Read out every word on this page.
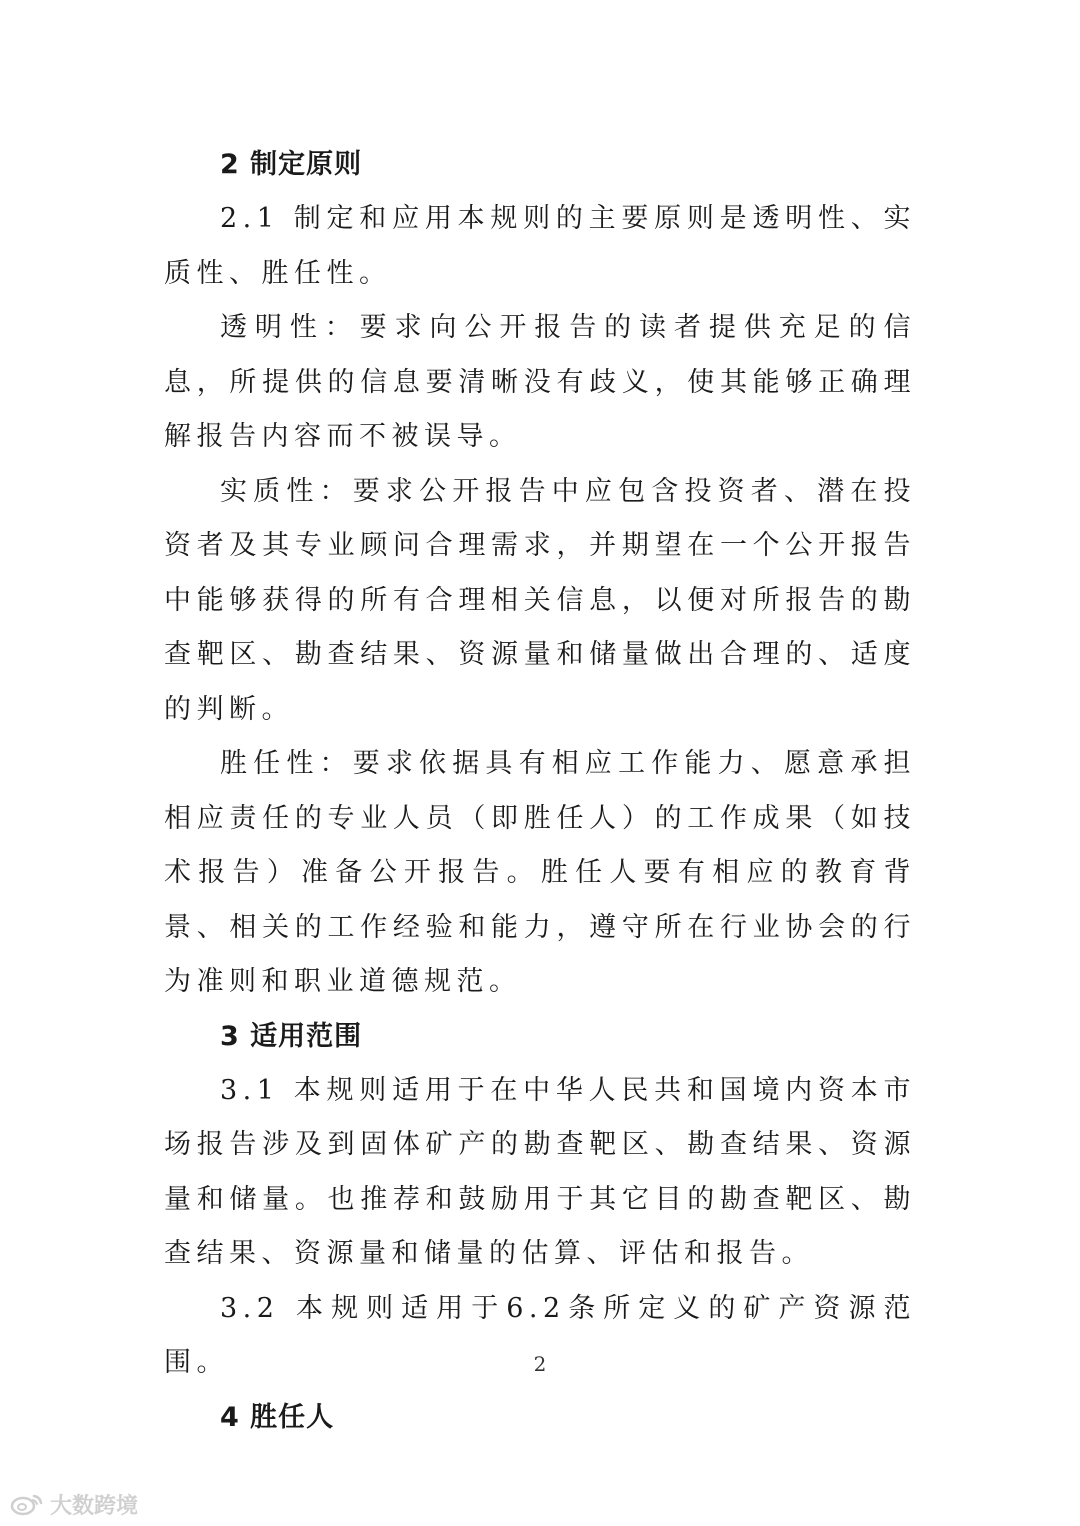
2 制定原则

2.1 制定和应用本规则的主要原则是透明性、实质性、胜任性。

透明性：要求向公开报告的读者提供充足的信息，所提供的信息要清晰没有歧义，使其能够正确理解报告内容而不被误导。

实质性：要求公开报告中应包含投资者、潜在投资者及其专业顾问合理需求，并期望在一个公开报告中能够获得的所有合理相关信息，以便对所报告的勘查靶区、勘查结果、资源量和储量做出合理的、适度的判断。

胜任性：要求依据具有相应工作能力、愿意承担相应责任的专业人员（即胜任人）的工作成果（如技术报告）准备公开报告。胜任人要有相应的教育背景、相关的工作经验和能力，遵守所在行业协会的行为准则和职业道德规范。

3 适用范围

3.1 本规则适用于在中华人民共和国境内资本市场报告涉及到固体矿产的勘查靶区、勘查结果、资源量和储量。也推荐和鼓励用于其它目的勘查靶区、勘查结果、资源量和储量的估算、评估和报告。

3.2 本规则适用于6.2条所定义的矿产资源范围。

4 胜任人
2
大数跨境
